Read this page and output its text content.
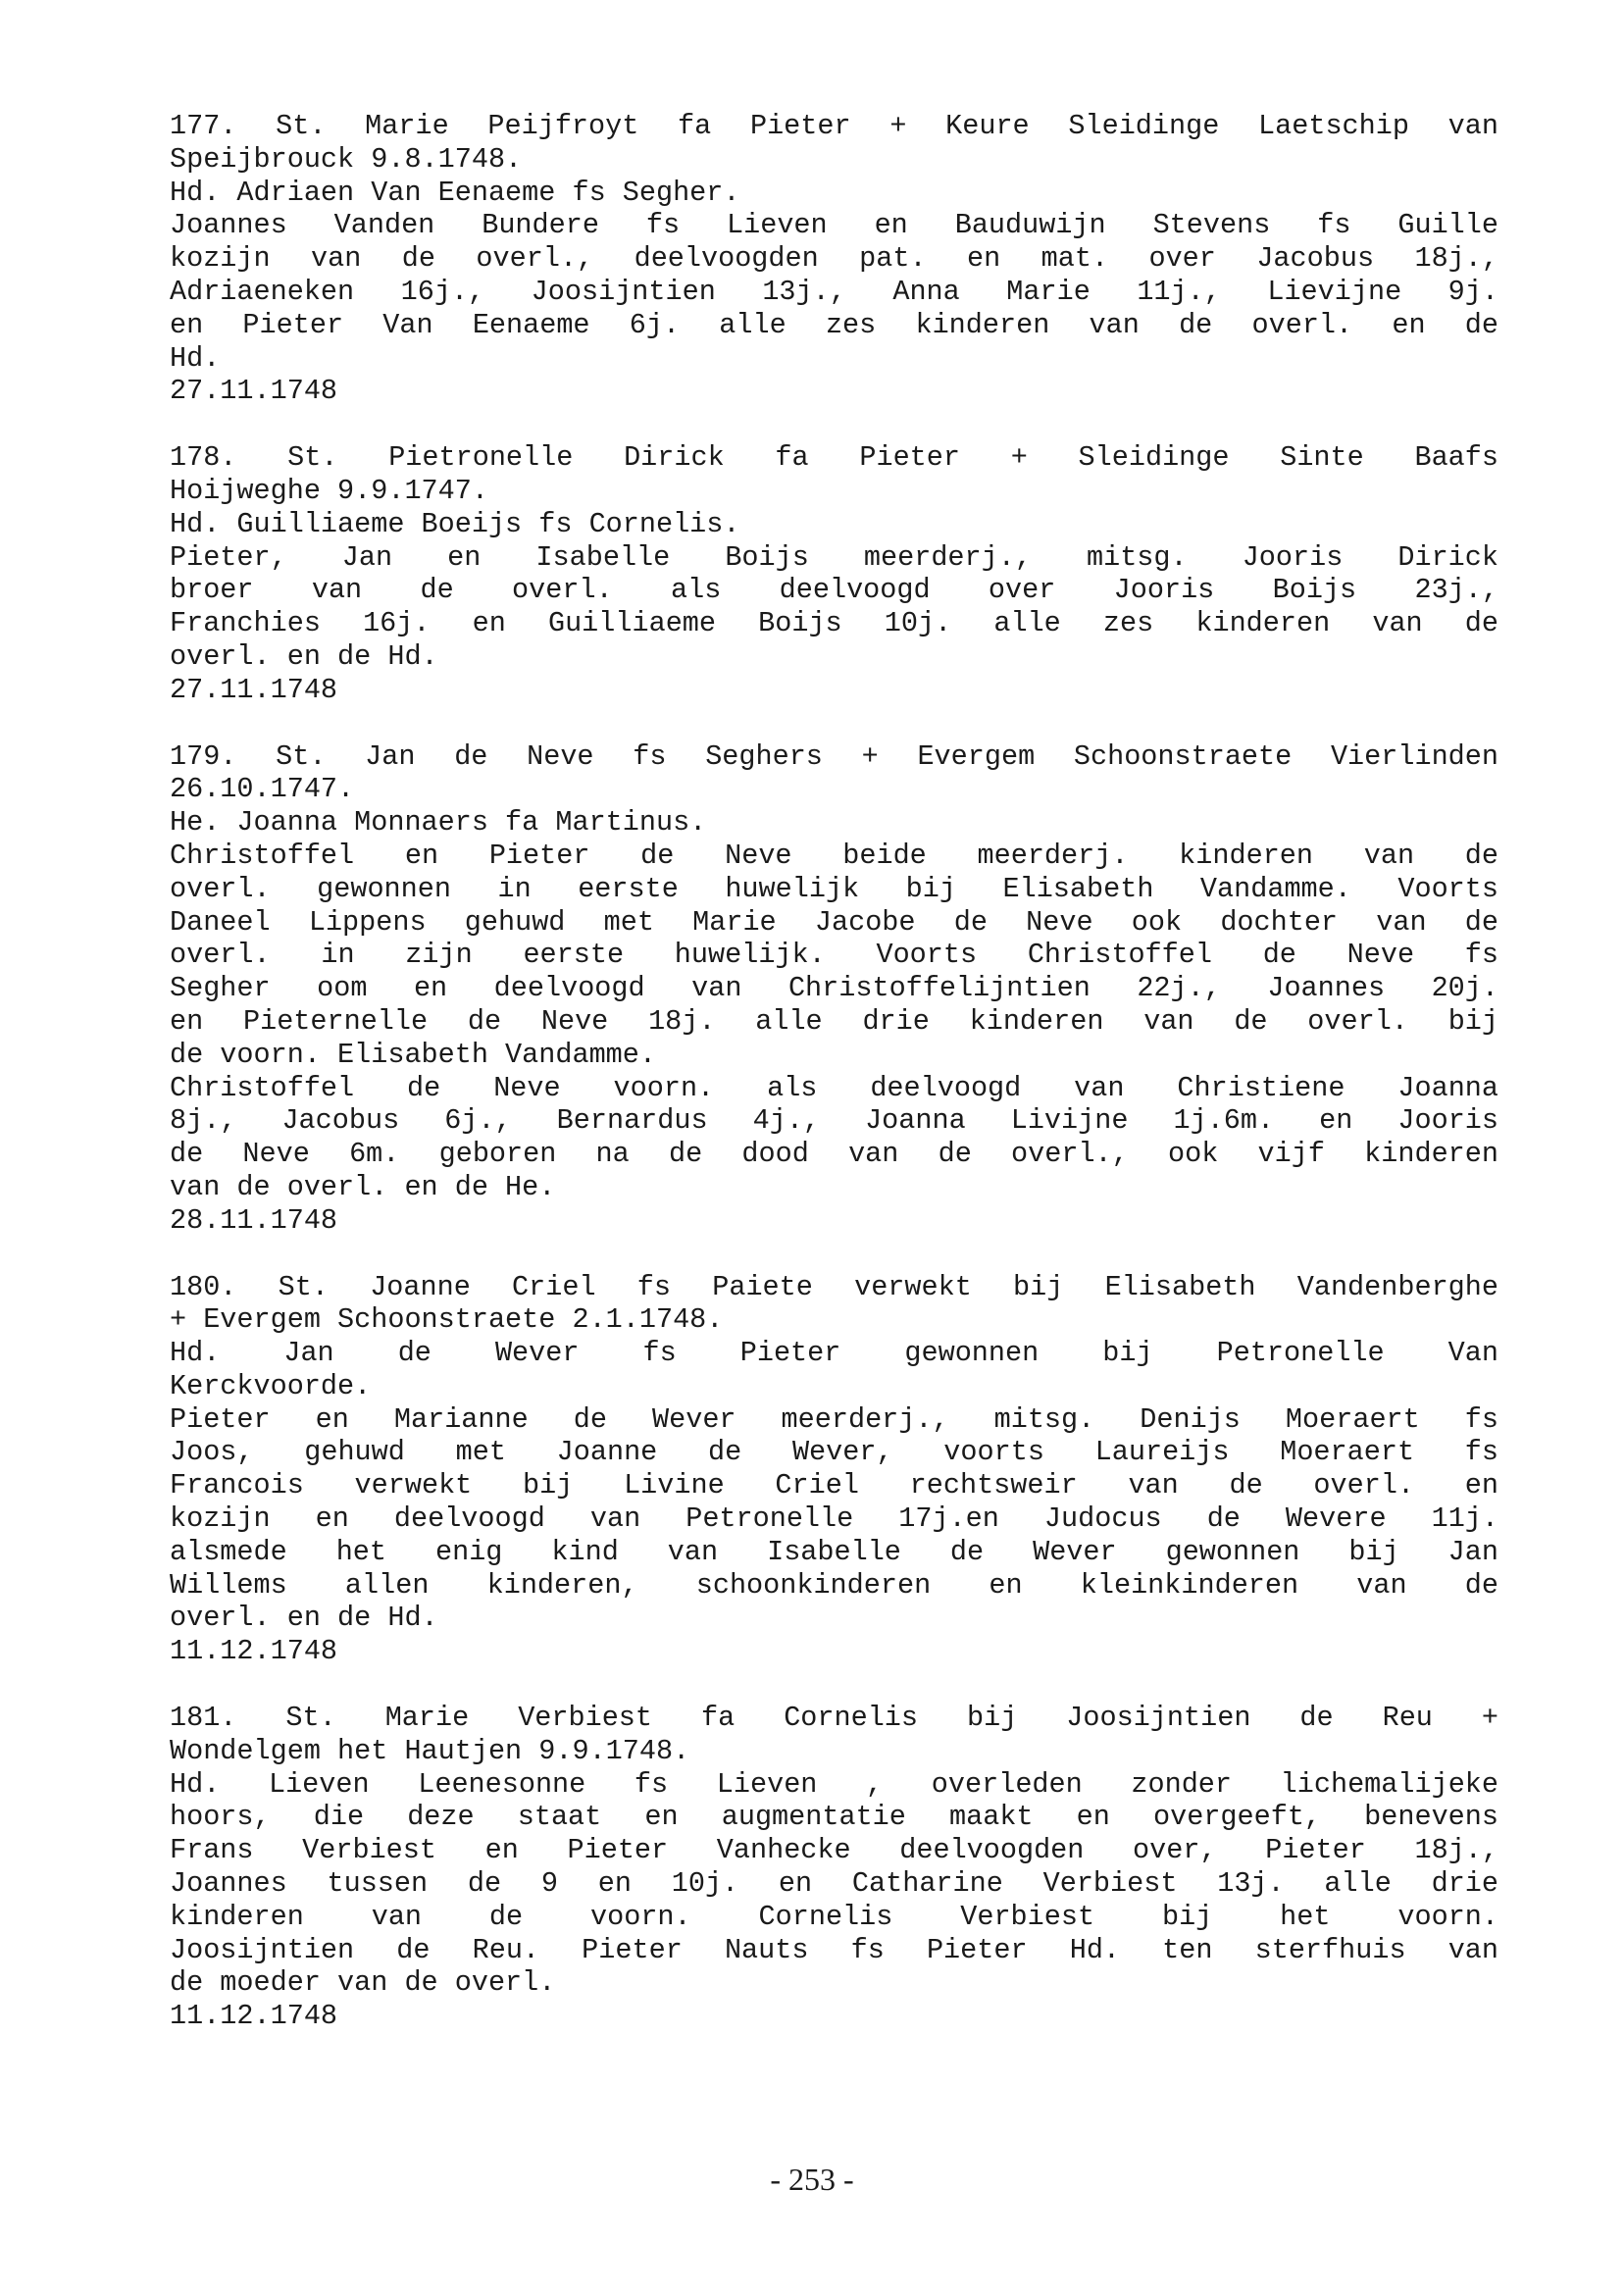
177. St. Marie Peijfroyt fa Pieter + Keure Sleidinge Laetschip van
Speijbrouck 9.8.1748.
Hd. Adriaen Van Eenaeme fs Segher.
Joannes Vanden Bundere fs Lieven en Bauduwijn Stevens fs Guille
kozijn van de overl., deelvoogden pat. en mat. over Jacobus 18j.,
Adriaeneken 16j., Joosijntien 13j., Anna Marie 11j., Lievijne 9j.
en Pieter Van Eenaeme 6j. alle zes kinderen van de overl. en de
Hd.
27.11.1748
178. St. Pietronelle Dirick fa Pieter + Sleidinge Sinte Baafs
Hoijweghe 9.9.1747.
Hd. Guilliaeme Boeijs fs Cornelis.
Pieter, Jan en Isabelle Boijs meerderj., mitsg. Jooris Dirick
broer van de overl. als deelvoogd over Jooris Boijs 23j.,
Franchies 16j. en Guilliaeme Boijs 10j. alle zes kinderen van de
overl. en de Hd.
27.11.1748
179. St. Jan de Neve fs Seghers + Evergem Schoonstraete Vierlinden
26.10.1747.
He. Joanna Monnaers fa Martinus.
Christoffel en Pieter de Neve beide meerderj. kinderen van de
overl. gewonnen in eerste huwelijk bij Elisabeth Vandamme. Voorts
Daneel Lippens gehuwd met Marie Jacobe de Neve ook dochter van de
overl. in zijn eerste huwelijk. Voorts Christoffel de Neve fs
Segher oom en deelvoogd van Christoffelijntien 22j., Joannes 20j.
en Pieternelle de Neve 18j. alle drie kinderen van de overl. bij
de voorn. Elisabeth Vandamme.
Christoffel de Neve voorn. als deelvoogd van Christiene Joanna
8j., Jacobus 6j., Bernardus 4j., Joanna Livijne 1j.6m. en Jooris
de Neve 6m. geboren na de dood van de overl., ook vijf kinderen
van de overl. en de He.
28.11.1748
180. St. Joanne Criel fs Paiete verwekt bij Elisabeth Vandenberghe
+ Evergem Schoonstraete 2.1.1748.
Hd. Jan de Wever fs Pieter gewonnen bij Petronelle Van
Kerckvoorde.
Pieter en Marianne de Wever meerderj., mitsg. Denijs Moeraert fs
Joos, gehuwd met Joanne de Wever, voorts Laureijs Moeraert fs
Francois verwekt bij Livine Criel rechtsweir van de overl. en
kozijn en deelvoogd van Petronelle 17j.en Judocus de Wevere 11j.
alsmede het enig kind van Isabelle de Wever gewonnen bij Jan
Willems allen kinderen, schoonkinderen en kleinkinderen van de
overl. en de Hd.
11.12.1748
181. St. Marie Verbiest fa Cornelis bij Joosijntien de Reu +
Wondelgem het Hautjen 9.9.1748.
Hd. Lieven Leenesonne fs Lieven , overleden zonder lichemalijeke
hoors, die deze staat en augmentatie maakt en overgeeft, benevens
Frans Verbiest en Pieter Vanhecke deelvoogden over, Pieter 18j.,
Joannes tussen de 9 en 10j. en Catharine Verbiest 13j. alle drie
kinderen van de voorn. Cornelis Verbiest bij het voorn.
Joosijntien de Reu. Pieter Nauts fs Pieter Hd. ten sterfhuis van
de moeder van de overl.
11.12.1748
- 253 -
